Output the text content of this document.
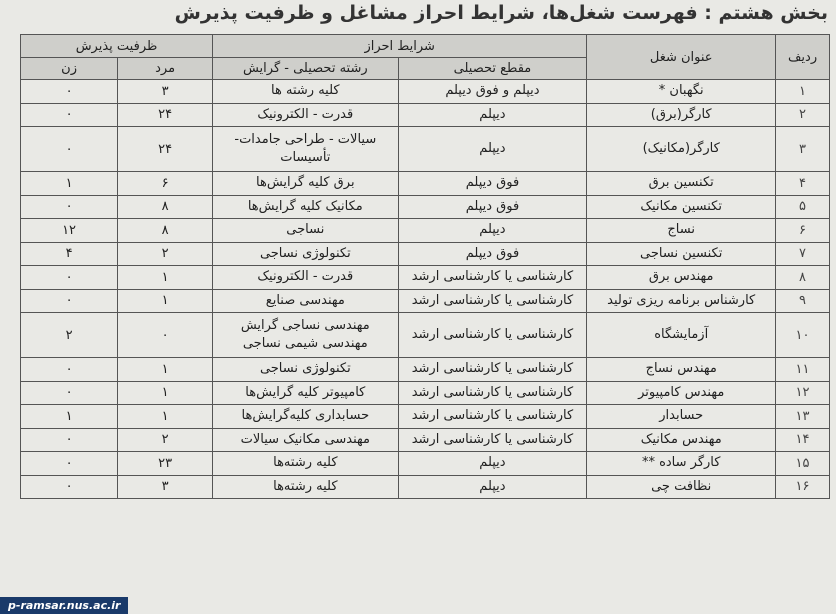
بخش هشتم : فهرست شغل‌ها، شرایط احراز مشاغل و ظرفیت پذیرش
ردیف	عنوان شغل	شرایط احراز		ظرفیت پذیرش	
		مقطع تحصیلی	رشته تحصیلی - گرایش	مرد	زن
۱	نگهبان *	دیپلم و فوق دیپلم	کلیه رشته ها	۳	۰
۲	کارگر(برق)	دیپلم	قدرت - الکترونیک	۲۴	۰
۳	کارگر(مکانیک)	دیپلم	سیالات - طراحی جامدات- تأسیسات	۲۴	۰
۴	تکنسین برق	فوق دیپلم	برق کلیه گرایش‌ها	۶	۱
۵	تکنسین مکانیک	فوق دیپلم	مکانیک کلیه گرایش‌ها	۸	۰
۶	نساج	دیپلم	نساجی	۸	۱۲
۷	تکنسین نساجی	فوق دیپلم	تکنولوژی نساجی	۲	۴
۸	مهندس برق	کارشناسی یا کارشناسی ارشد	قدرت - الکترونیک	۱	۰
۹	کارشناس برنامه ریزی تولید	کارشناسی یا کارشناسی ارشد	مهندسی صنایع	۱	۰
۱۰	آزمایشگاه	کارشناسی یا کارشناسی ارشد	مهندسی نساجی گرایش مهندسی شیمی نساجی	۰	۲
۱۱	مهندس نساج	کارشناسی یا کارشناسی ارشد	تکنولوژی نساجی	۱	۰
۱۲	مهندس کامپیوتر	کارشناسی یا کارشناسی ارشد	کامپیوتر کلیه گرایش‌ها	۱	۰
۱۳	حسابدار	کارشناسی یا کارشناسی ارشد	حسابداری کلیه‌گرایش‌ها	۱	۱
۱۴	مهندس مکانیک	کارشناسی یا کارشناسی ارشد	مهندسی مکانیک سیالات	۲	۰
۱۵	کارگر ساده **	دیپلم	کلیه رشته‌ها	۲۳	۰
۱۶	نظافت چی	دیپلم	کلیه رشته‌ها	۳	۰
p-ramsar.nus.ac.ir
